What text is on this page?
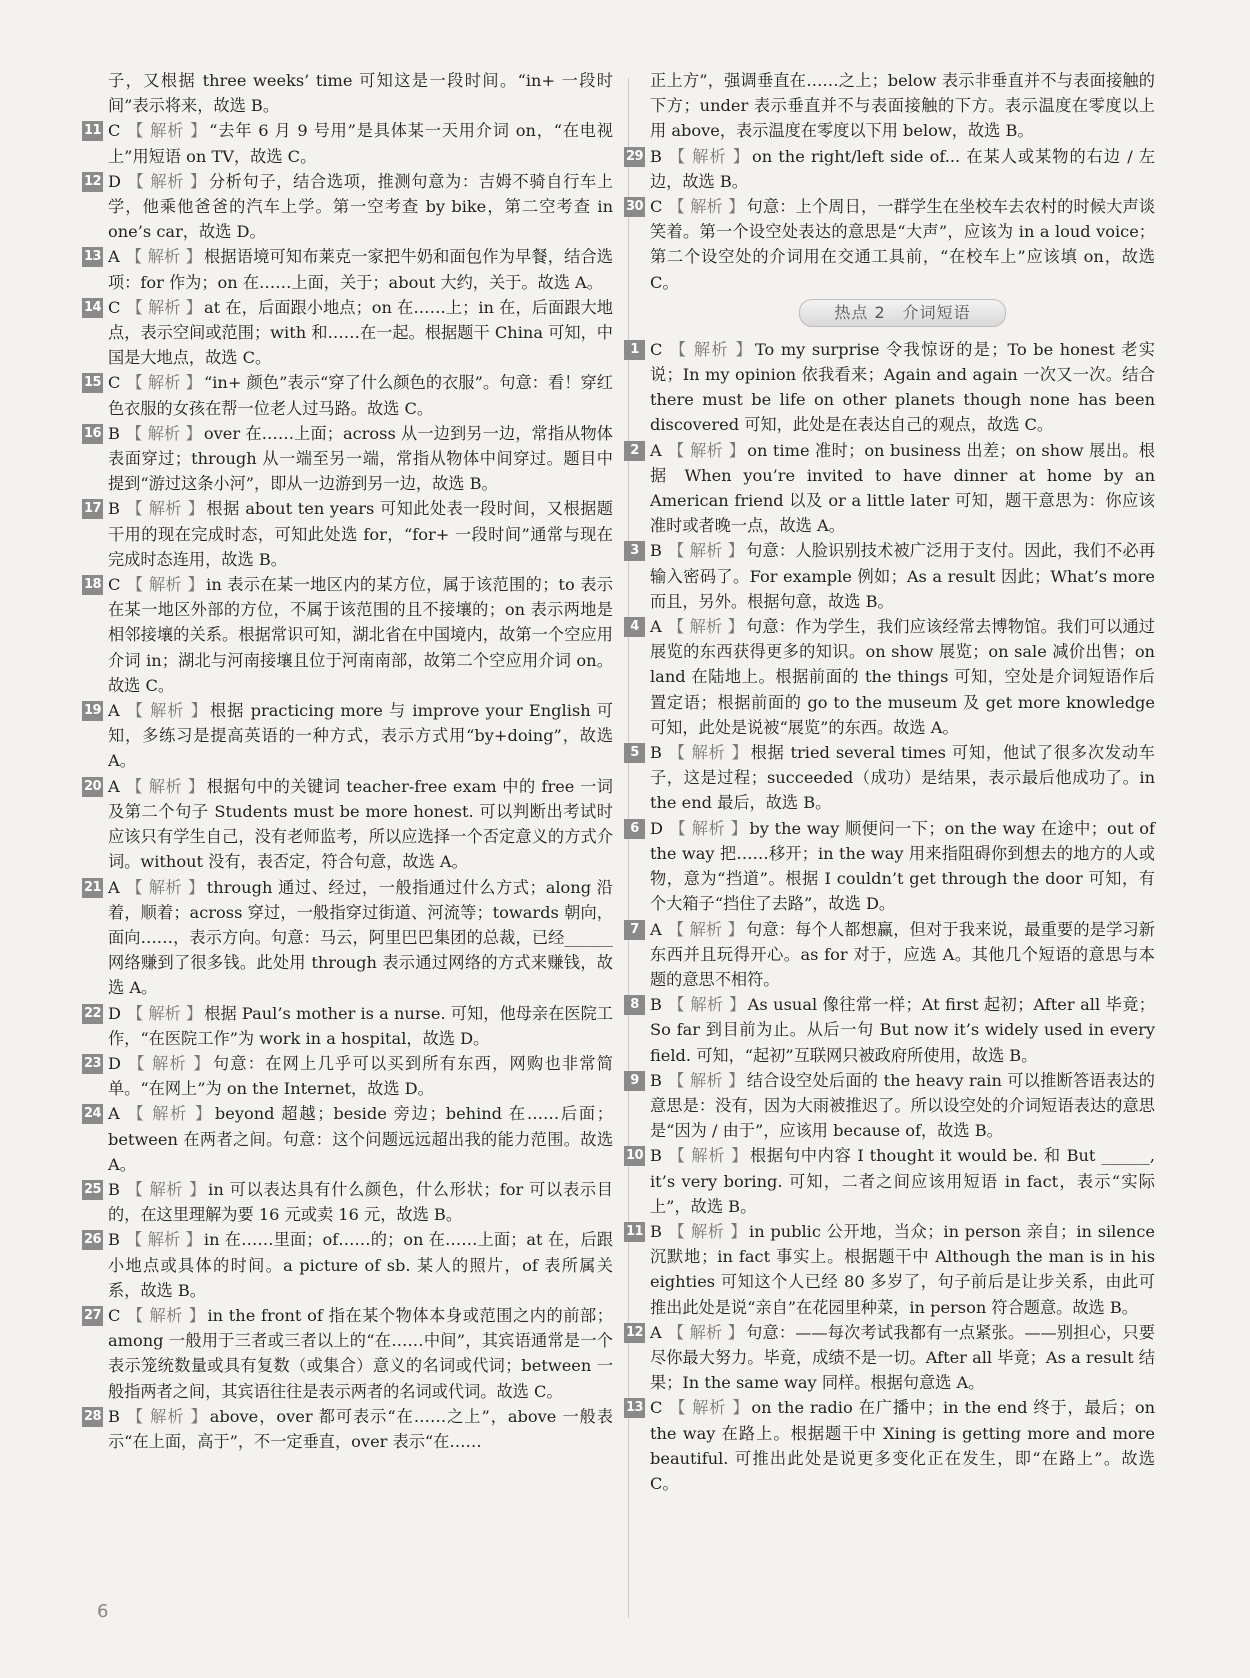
子，又根据 three weeks’ time 可知这是一段时间。“in+ 一段时间”表示将来，故选 B。
11 C 【 解析 】 “去年 6 月 9 号用”是具体某一天用介词 on，“在电视上”用短语 on TV，故选 C。
12 D 【 解析 】 分析句子，结合选项，推测句意为：吉姆不骑自行车上学，他乘他爸爸的汽车上学。第一空考查 by bike，第二空考查 in one’s car，故选 D。
13 A 【 解析 】 根据语境可知布莱克一家把牛奶和面包作为早餐，结合选项：for 作为；on 在……上面，关于；about 大约，关于。故选 A。
14 C 【 解析 】 at 在，后面跟小地点；on 在……上；in 在，后面跟大地点，表示空间或范围；with 和……在一起。根据题干 China 可知，中国是大地点，故选 C。
15 C 【 解析 】 “in+ 颜色”表示“穿了什么颜色的衣服”。句意：看！穿红色衣服的女孩在帮一位老人过马路。故选 C。
16 B 【 解析 】 over 在……上面；across 从一边到另一边，常指从物体表面穿过；through 从一端至另一端，常指从物体中间穿过。题目中提到“游过这条小河”，即从一边游到另一边，故选 B。
17 B 【 解析 】 根据 about ten years 可知此处表一段时间，又根据题干用的现在完成时态，可知此处选 for，“for+ 一段时间”通常与现在完成时态连用，故选 B。
18 C 【 解析 】 in 表示在某一地区内的某方位，属于该范围的；to 表示在某一地区外部的方位，不属于该范围的且不接壤的；on 表示两地是相邻接壤的关系。根据常识可知，湖北省在中国境内，故第一个空应用介词 in；湖北与河南接壤且位于河南南部，故第二个空应用介词 on。故选 C。
19 A 【 解析 】 根据 practicing more 与 improve your English 可知，多练习是提高英语的一种方式，表示方式用“by+doing”，故选 A。
20 A 【 解析 】 根据句中的关键词 teacher-free exam 中的 free 一词及第二个句子 Students must be more honest. 可以判断出考试时应该只有学生自己，没有老师监考，所以应选择一个否定意义的方式介词。without 没有，表否定，符合句意，故选 A。
21 A 【 解析 】 through 通过、经过，一般指通过什么方式；along 沿着，顺着；across 穿过，一般指穿过街道、河流等；towards 朝向，面向……，表示方向。句意：马云，阿里巴巴集团的总裁，已经______网络赚到了很多钱。此处用 through 表示通过网络的方式来赚钱，故选 A。
22 D 【 解析 】 根据 Paul’s mother is a nurse. 可知，他母亲在医院工作，“在医院工作”为 work in a hospital，故选 D。
23 D 【 解析 】 句意：在网上几乎可以买到所有东西，网购也非常简单。“在网上”为 on the Internet，故选 D。
24 A 【 解析 】 beyond 超越；beside 旁边；behind 在……后面；between 在两者之间。句意：这个问题远远超出我的能力范围。故选 A。
25 B 【 解析 】 in 可以表达具有什么颜色，什么形状；for 可以表示目的，在这里理解为要 16 元或卖 16 元，故选 B。
26 B 【 解析 】 in 在……里面；of……的；on 在……上面；at 在，后跟小地点或具体的时间。a picture of sb. 某人的照片，of 表所属关系，故选 B。
27 C 【 解析 】 in the front of 指在某个物体本身或范围之内的前部；among 一般用于三者或三者以上的“在……中间”，其宾语通常是一个表示笼统数量或具有复数（或集合）意义的名词或代词；between 一般指两者之间，其宾语往往是表示两者的名词或代词。故选 C。
28 B 【 解析 】 above，over 都可表示“在……之上”，above 一般表示“在上面，高于”，不一定垂直，over 表示“在……
正上方”，强调垂直在……之上；below 表示非垂直并不与表面接触的下方；under 表示垂直并不与表面接触的下方。表示温度在零度以上用 above，表示温度在零度以下用 below，故选 B。
29 B 【 解析 】 on the right/left side of... 在某人或某物的右边 / 左边，故选 B。
30 C 【 解析 】 句意：上个周日，一群学生在坐校车去农村的时候大声谈笑着。第一个设空处表达的意思是“大声”，应该为 in a loud voice；第二个设空处的介词用在交通工具前，“在校车上”应该填 on，故选 C。
热点 2　介词短语
1 C 【 解析 】 To my surprise 令我惊讶的是；To be honest 老实说；In my opinion 依我看来；Again and again 一次又一次。结合 there must be life on other planets though none has been discovered 可知，此处是在表达自己的观点，故选 C。
2 A 【 解析 】 on time 准时；on business 出差；on show 展出。根据 When you’re invited to have dinner at home by an American friend 以及 or a little later 可知，题干意思为：你应该准时或者晚一点，故选 A。
3 B 【 解析 】 句意：人脸识别技术被广泛用于支付。因此，我们不必再输入密码了。For example 例如；As a result 因此；What’s more 而且，另外。根据句意，故选 B。
4 A 【 解析 】 句意：作为学生，我们应该经常去博物馆。我们可以通过展览的东西获得更多的知识。on show 展览；on sale 减价出售；on land 在陆地上。根据前面的 the things 可知，空处是介词短语作后置定语；根据前面的 go to the museum 及 get more knowledge 可知，此处是说被“展览”的东西。故选 A。
5 B 【 解析 】 根据 tried several times 可知，他试了很多次发动车子，这是过程；succeeded（成功）是结果，表示最后他成功了。in the end 最后，故选 B。
6 D 【 解析 】 by the way 顺便问一下；on the way 在途中；out of the way 把……移开；in the way 用来指阻碍你到想去的地方的人或物，意为“挡道”。根据 I couldn’t get through the door 可知，有个大箱子“挡住了去路”，故选 D。
7 A 【 解析 】 句意：每个人都想赢，但对于我来说，最重要的是学习新东西并且玩得开心。as for 对于，应选 A。其他几个短语的意思与本题的意思不相符。
8 B 【 解析 】 As usual 像往常一样；At first 起初；After all 毕竟；So far 到目前为止。从后一句 But now it’s widely used in every field. 可知，“起初”互联网只被政府所使用，故选 B。
9 B 【 解析 】 结合设空处后面的 the heavy rain 可以推断答语表达的意思是：没有，因为大雨被推迟了。所以设空处的介词短语表达的意思是“因为 / 由于”，应该用 because of，故选 B。
10 B 【 解析 】 根据句中内容 I thought it would be. 和 But ______, it’s very boring. 可知，二者之间应该用短语 in fact，表示“实际上”，故选 B。
11 B 【 解析 】 in public 公开地，当众；in person 亲自；in silence 沉默地；in fact 事实上。根据题干中 Although the man is in his eighties 可知这个人已经 80 多岁了，句子前后是让步关系，由此可推出此处是说“亲自”在花园里种菜，in person 符合题意。故选 B。
12 A 【 解析 】 句意：——每次考试我都有一点紧张。——别担心，只要尽你最大努力。毕竟，成绩不是一切。After all 毕竟；As a result 结果；In the same way 同样。根据句意选 A。
13 C 【 解析 】 on the radio 在广播中；in the end 终于，最后；on the way 在路上。根据题干中 Xining is getting more and more beautiful. 可推出此处是说更多变化正在发生，即“在路上”。故选 C。
6
